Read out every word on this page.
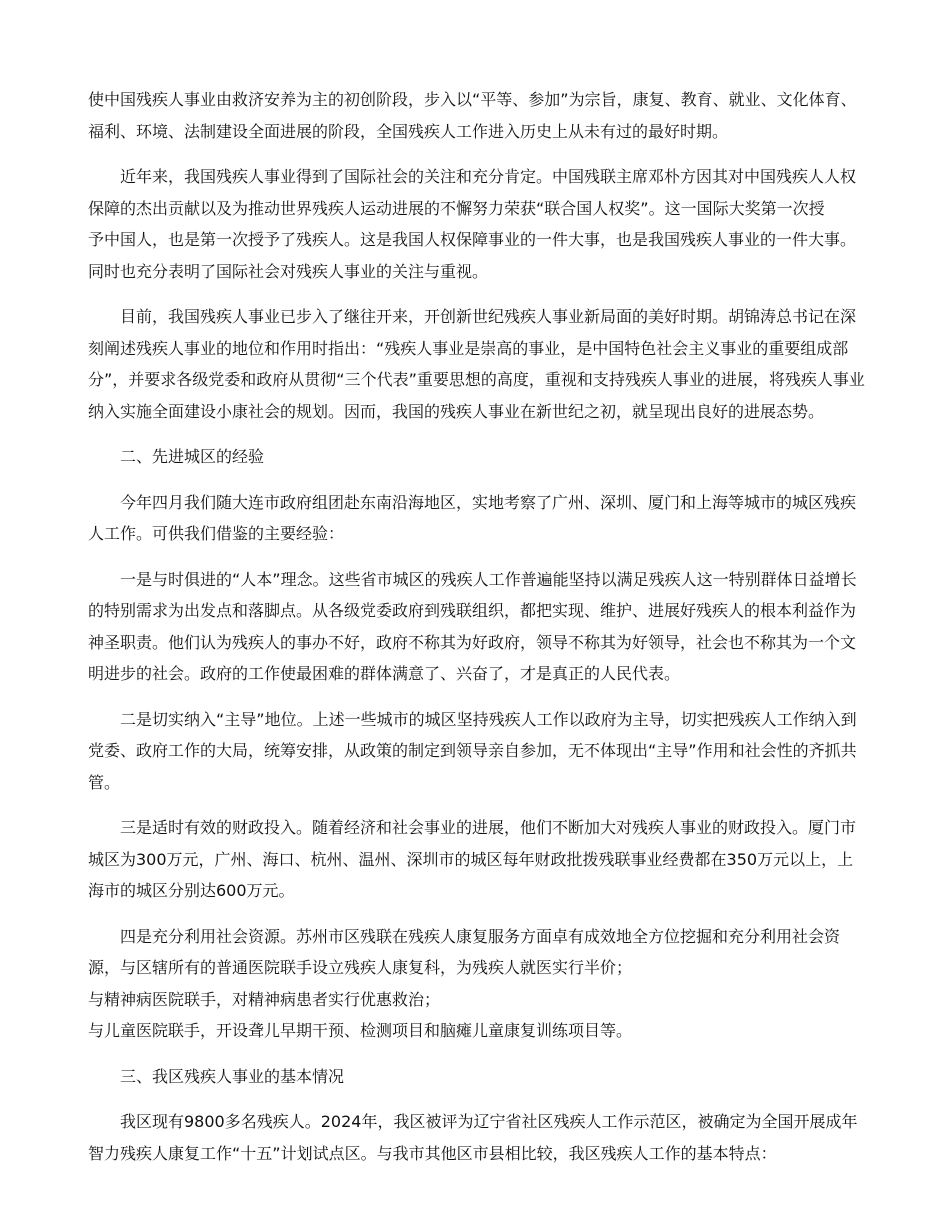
使中国残疾人事业由救济安养为主的初创阶段，步入以“平等、参加”为宗旨，康复、教育、就业、文化体育、福利、环境、法制建设全面进展的阶段，全国残疾人工作进入历史上从未有过的最好时期。

近年来，我国残疾人事业得到了国际社会的关注和充分肯定。中国残联主席邓朴方因其对中国残疾人人权保障的杰出贡献以及为推动世界残疾人运动进展的不懈努力荣获“联合国人权奖”。这一国际大奖第一次授
予中国人，也是第一次授予了残疾人。这是我国人权保障事业的一件大事，也是我国残疾人事业的一件大事。同时也充分表明了国际社会对残疾人事业的关注与重视。

目前，我国残疾人事业已步入了继往开来，开创新世纪残疾人事业新局面的美好时期。胡锦涛总书记在深刻阐述残疾人事业的地位和作用时指出：“残疾人事业是崇高的事业，是中国特色社会主义事业的重要组成部分”，并要求各级党委和政府从贯彻“三个代表”重要思想的高度，重视和支持残疾人事业的进展，将残疾人事业纳入实施全面建设小康社会的规划。因而，我国的残疾人事业在新世纪之初，就呈现出良好的进展态势。

二、先进城区的经验

今年四月我们随大连市政府组团赴东南沿海地区，实地考察了广州、深圳、厦门和上海等城市的城区残疾人工作。可供我们借鉴的主要经验：

一是与时俱进的“人本”理念。这些省市城区的残疾人工作普遍能坚持以满足残疾人这一特别群体日益增长的特别需求为出发点和落脚点。从各级党委政府到残联组织，都把实现、维护、进展好残疾人的根本利益作为神圣职责。他们认为残疾人的事办不好，政府不称其为好政府，领导不称其为好领导，社会也不称其为一个文明进步的社会。政府的工作使最困难的群体满意了、兴奋了，才是真正的人民代表。

二是切实纳入“主导”地位。上述一些城市的城区坚持残疾人工作以政府为主导，切实把残疾人工作纳入到党委、政府工作的大局，统筹安排，从政策的制定到领导亲自参加，无不体现出“主导”作用和社会性的齐抓共管。

三是适时有效的财政投入。随着经济和社会事业的进展，他们不断加大对残疾人事业的财政投入。厦门市城区为300万元，广州、海口、杭州、温州、深圳市的城区每年财政批拨残联事业经费都在350万元以上，上海市的城区分别达600万元。

四是充分利用社会资源。苏州市区残联在残疾人康复服务方面卓有成效地全方位挖掘和充分利用社会资源，与区辖所有的普通医院联手设立残疾人康复科，为残疾人就医实行半价；

与精神病医院联手，对精神病患者实行优惠救治；

与儿童医院联手，开设聋儿早期干预、检测项目和脑瘫儿童康复训练项目等。

三、我区残疾人事业的基本情况

我区现有9800多名残疾人。2024年，我区被评为辽宁省社区残疾人工作示范区，被确定为全国开展成年智力残疾人康复工作“十五”计划试点区。与我市其他区市县相比较，我区残疾人工作的基本特点：
